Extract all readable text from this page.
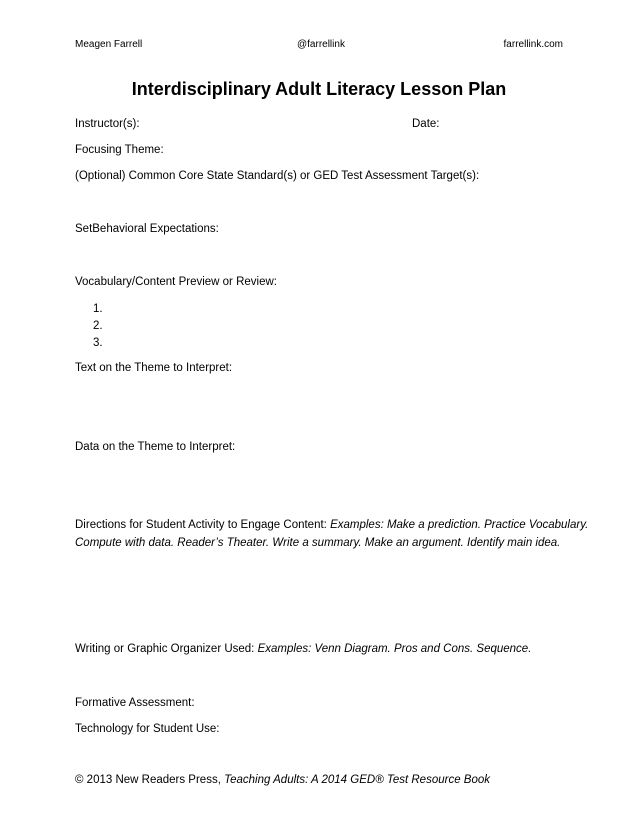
Meagen Farrell	@farrellink	farrellink.com
Interdisciplinary Adult Literacy Lesson Plan
Instructor(s):	Date:
Focusing Theme:
(Optional) Common Core State Standard(s) or GED Test Assessment Target(s):
SetBehavioral Expectations:
Vocabulary/Content Preview or Review:
1.
2.
3.
Text on the Theme to Interpret:
Data on the Theme to Interpret:
Directions for Student Activity to Engage Content: Examples: Make a prediction. Practice Vocabulary.
Compute with data. Reader’s Theater. Write a summary. Make an argument. Identify main idea.
Writing or Graphic Organizer Used: Examples: Venn Diagram. Pros and Cons. Sequence.
Formative Assessment:
Technology for Student Use:
© 2013 New Readers Press, Teaching Adults: A 2014 GED® Test Resource Book
